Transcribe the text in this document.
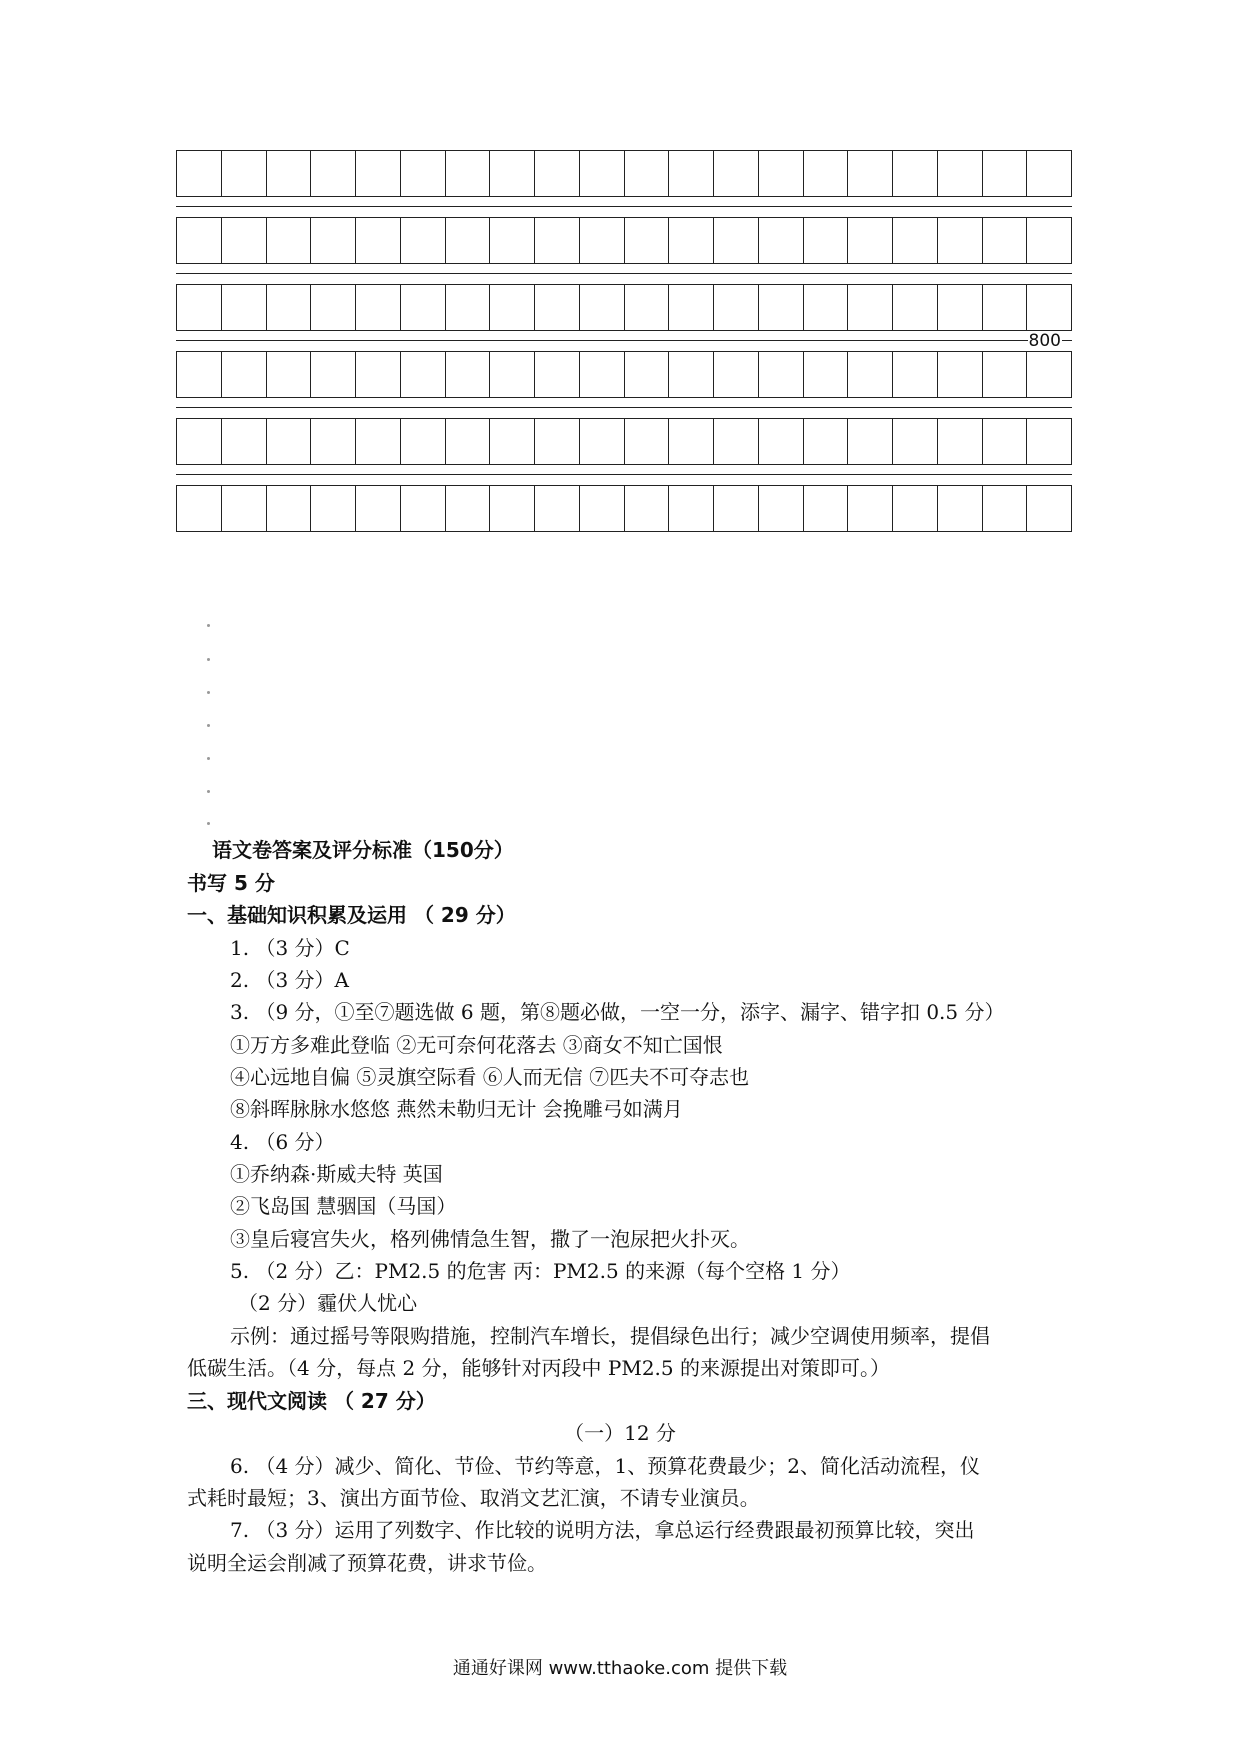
800
语文卷答案及评分标准（150分）
书写 5 分
一、基础知识积累及运用 （ 29 分）
1. （3 分）C
2. （3 分）A
3. （9 分，①至⑦题选做 6 题，第⑧题必做，一空一分，添字、漏字、错字扣 0.5 分）
①万方多难此登临 ②无可奈何花落去 ③商女不知亡国恨
④心远地自偏 ⑤灵旗空际看 ⑥人而无信 ⑦匹夫不可夺志也
⑧斜晖脉脉水悠悠 燕然未勒归无计 会挽雕弓如满月
4. （6 分）
①乔纳森·斯威夫特 英国
②飞岛国 慧骃国（马国）
③皇后寝宫失火，格列佛情急生智，撒了一泡尿把火扑灭。
5. （2 分）乙：PM2.5 的危害 丙：PM2.5 的来源（每个空格 1 分）
（2 分）霾伏人忧心
示例：通过摇号等限购措施，控制汽车增长，提倡绿色出行；减少空调使用频率，提倡
低碳生活。（4 分，每点 2 分，能够针对丙段中 PM2.5 的来源提出对策即可。）
三、现代文阅读 （ 27 分）
（一）12 分
6. （4 分）减少、简化、节俭、节约等意，1、预算花费最少；2、简化活动流程，仪
式耗时最短；3、演出方面节俭、取消文艺汇演，不请专业演员。
7. （3 分）运用了列数字、作比较的说明方法，拿总运行经费跟最初预算比较，突出
说明全运会削减了预算花费，讲求节俭。
通通好课网 www.tthaoke.com 提供下载
